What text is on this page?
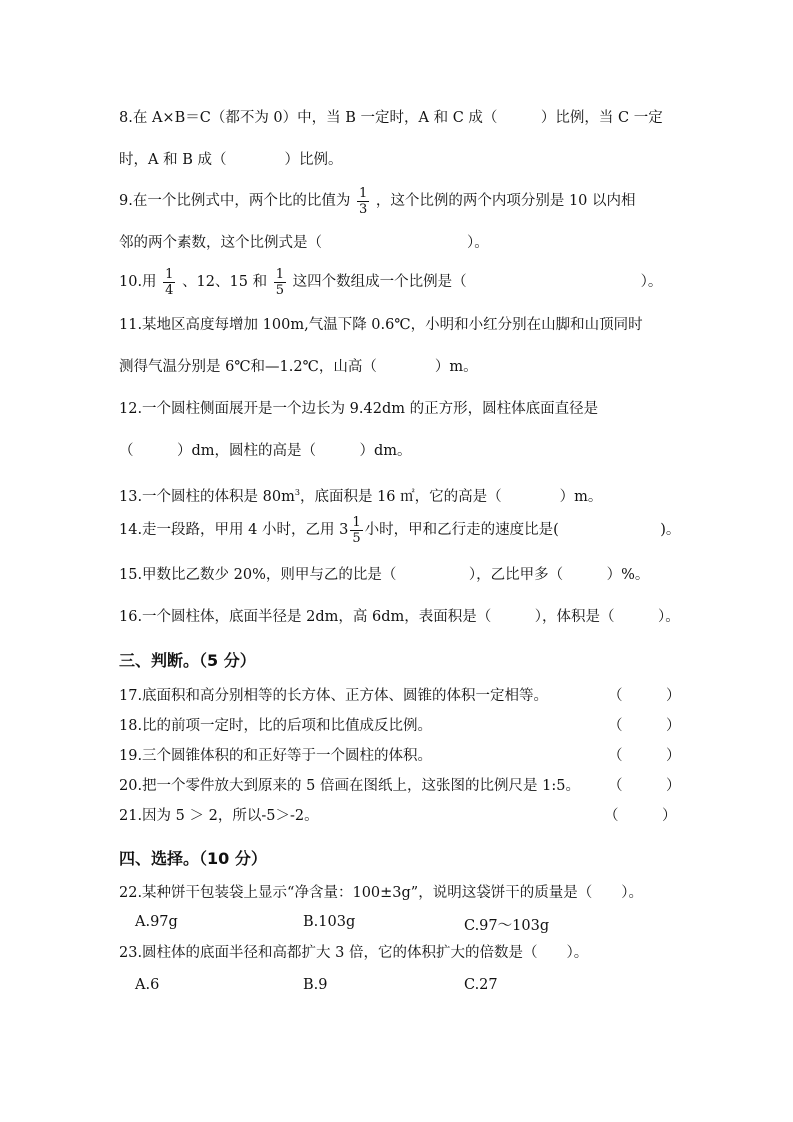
8.在 A×B＝C（都不为 0）中，当 B 一定时，A 和 C 成（　　　）比例，当 C 一定
时，A 和 B 成（　　　　）比例。
9.在一个比例式中，两个比的比值为 $\frac{1}{3}$ ，这个比例的两个内项分别是 10 以内相
邻的两个素数，这个比例式是（　　　　　　　　　　）。
10.用 $\frac{1}{4}$ 、12、15 和 $\frac{1}{5}$ 这四个数组成一个比例是（　　　　　　　　　　　　）。
11.某地区高度每增加 100m,气温下降 0.6℃，小明和小红分别在山脚和山顶同时
测得气温分别是 6℃和—1.2℃，山高（　　　　）m。
12.一个圆柱侧面展开是一个边长为 9.42dm 的正方形，圆柱体底面直径是
（　　　）dm，圆柱的高是（　　　）dm。
13.一个圆柱的体积是 $80m^3$，底面积是 16 ㎡，它的高是（　　　　）m。
14.走一段路，甲用 4 小时，乙用 $3 \frac{1}{5}$ 小时，甲和乙行走的速度比是(　　　　　　　)。
15.甲数比乙数少 20%，则甲与乙的比是（　　　　　），乙比甲多（　　　）%。
16.一个圆柱体，底面半径是 2dm，高 6dm，表面积是（　　　），体积是（　　　）。
三、判断。（5 分）
17.底面积和高分别相等的长方体、正方体、圆锥的体积一定相等。	（　　　）
18.比的前项一定时，比的后项和比值成反比例。	（　　　）
19.三个圆锥体积的和正好等于一个圆柱的体积。	（　　　）
20.把一个零件放大到原来的 5 倍画在图纸上，这张图的比例尺是 1:5。 （　　　）
21.因为 5 ＞ 2，所以-5＞-2。	（　　　）
四、选择。（10 分）
22.某种饼干包装袋上显示“净含量：100±3g”，说明这袋饼干的质量是（　　）。
A.97g	B.103g	C.97～103g
23.圆柱体的底面半径和高都扩大 3 倍，它的体积扩大的倍数是（　　）。
A.6	B.9	C.27
